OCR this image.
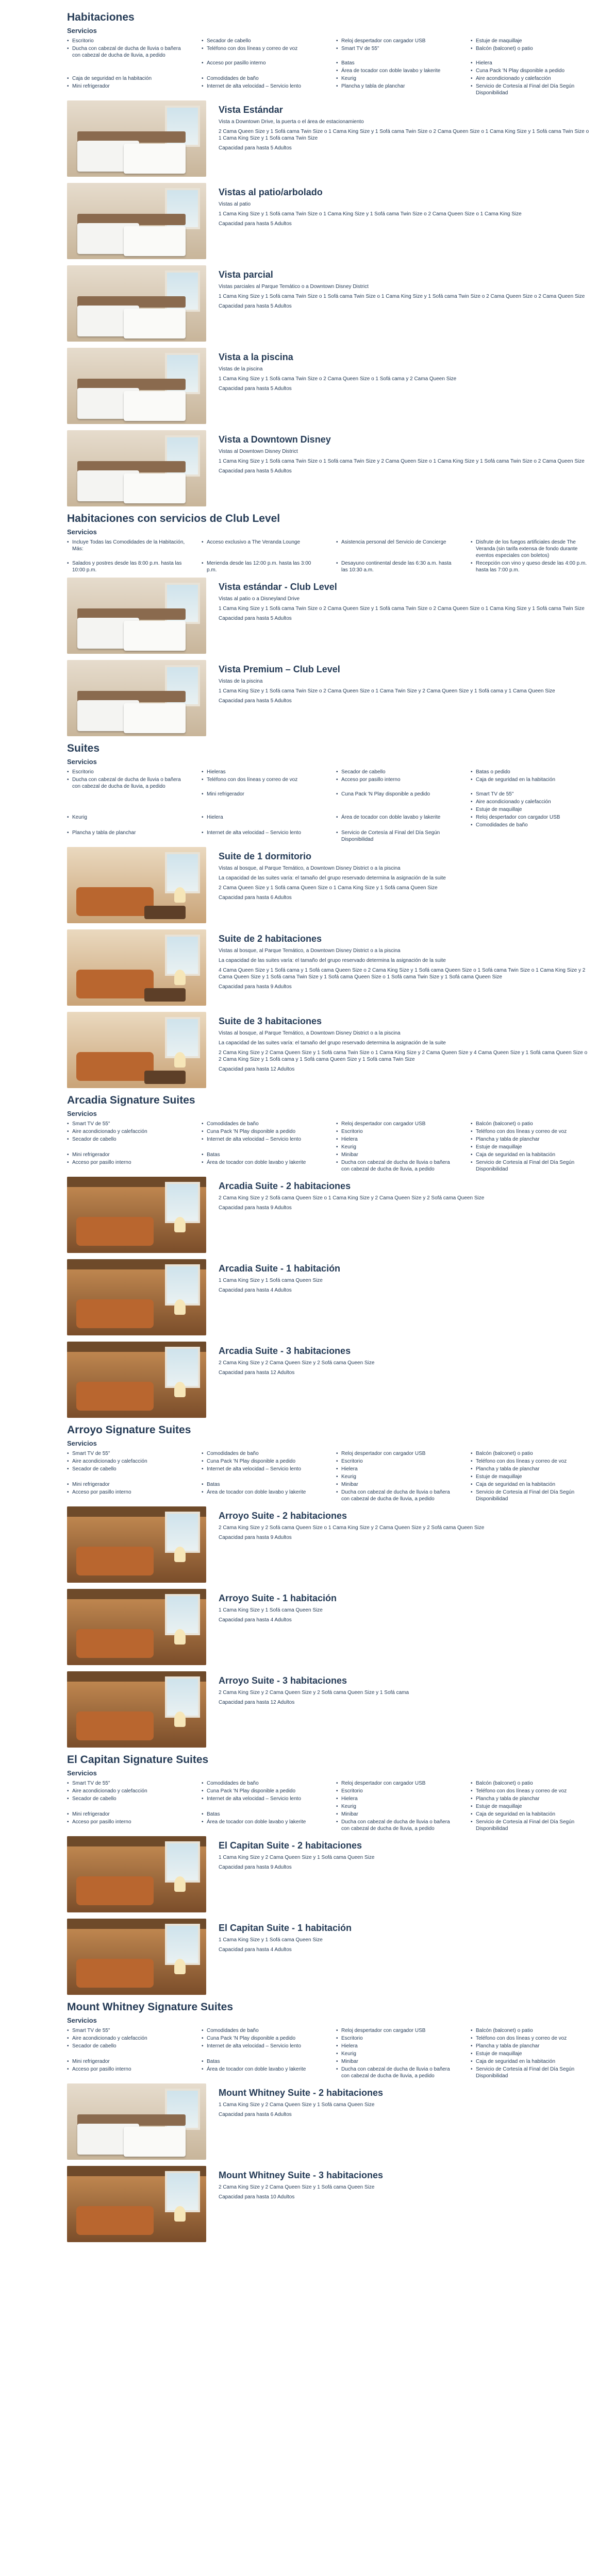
Habitaciones
Servicios
• Escritorio	• Secador de cabello	• Reloj despertador con cargador USB	• Estuje de maquillaje
• Ducha con cabezal de ducha de lluvia o bañera con cabezal de ducha de lluvia, a pedido
• Teléfono con dos líneas y correo de voz	• Smart TV de 55"	• Balcón (balconet) o patio
• Acceso por pasillo interno	• Batas	• Hielera
• Área de tocador con doble lavabo y lakerite	• Cuna Pack 'N Play disponible a pedido
• Caja de seguridad en la habitación	• Comodidades de baño	• Keurig	• Aire acondicionado y calefacción
• Mini refrigerador	• Internet de alta velocidad – Servicio lento	• Plancha y tabla de planchar	• Servicio de Cortesía al Final del Día Según Disponibilidad
Vista Estándar

Vista a Downtown Drive, la puerta o el área de estacionamiento

2 Cama Queen Size y 1 Sofá cama Twin Size o 1 Cama King Size y 1 Sofá cama Twin Size o 2 Cama Queen Size o 1 Cama King Size y 1 Sofá cama Twin Size o 1 Cama King Size y 1 Sofá cama Twin Size

Capacidad para hasta 5 Adultos

Vistas al patio/arbolado

Vistas al patio

1 Cama King Size y 1 Sofá cama Twin Size o 1 Cama King Size y 1 Sofá cama Twin Size o 2 Cama Queen Size o 1 Cama King Size

Capacidad para hasta 5 Adultos

Vista parcial

Vistas parciales al Parque Temático o a Downtown Disney District

1 Cama King Size y 1 Sofá cama Twin Size o 1 Sofá cama Twin Size o 1 Cama King Size y 1 Sofá cama Twin Size o 2 Cama Queen Size o 2 Cama Queen Size

Capacidad para hasta 5 Adultos

Vista a la piscina

Vistas de la piscina

1 Cama King Size y 1 Sofá cama Twin Size o 2 Cama Queen Size o 1 Sofá cama y 2 Cama Queen Size

Capacidad para hasta 5 Adultos

Vista a Downtown Disney

Vistas al Downtown Disney District

1 Cama King Size y 1 Sofá cama Twin Size o 1 Sofá cama Twin Size y 2 Cama Queen Size o 1 Cama King Size y 1 Sofá cama Twin Size o 2 Cama Queen Size

Capacidad para hasta 5 Adultos

Habitaciones con servicios de Club Level
Servicios
• Incluye Todas las Comodidades de la Habitación, Más:
• Acceso exclusivo a The Veranda Lounge	• Asistencia personal del Servicio de Concierge	• Disfrute de los fuegos artificiales desde The Veranda (sin tarifa extensa de fondo durante eventos especiales con boletos)
• Salados y postres desde las 8:00 p.m. hasta las 10:00 p.m.
• Merienda desde las 12:00 p.m. hasta las 3:00 p.m.
• Desayuno continental desde las 6:30 a.m. hasta las 10:30 a.m.
• Recepción con vino y queso desde las 4:00 p.m. hasta las 7:00 p.m.
Vista estándar - Club Level

Vistas al patio o a Disneyland Drive

1 Cama King Size y 1 Sofá cama Twin Size o 2 Cama Queen Size y 1 Sofá cama Twin Size o 2 Cama Queen Size o 1 Cama King Size y 1 Sofá cama Twin Size

Capacidad para hasta 5 Adultos

Vista Premium – Club Level

Vistas de la piscina

1 Cama King Size y 1 Sofá cama Twin Size o 2 Cama Queen Size o 1 Cama Twin Size y 2 Cama Queen Size y 1 Sofá cama y 1 Cama Queen Size

Capacidad para hasta 5 Adultos

Suites
Servicios
• Escritorio	• Hieleras	• Secador de cabello	• Batas o pedido
• Ducha con cabezal de ducha de lluvia o bañera con cabezal de ducha de lluvia, a pedido
• Teléfono con dos líneas y correo de voz	• Acceso por pasillo interno	• Caja de seguridad en la habitación
• Mini refrigerador	• Cuna Pack 'N Play disponible a pedido	• Smart TV de 55"
• Aire acondicionado y calefacción
• Estuje de maquillaje
• Keurig	• Hielera	• Área de tocador con doble lavabo y lakerite	• Reloj despertador con cargador USB
• Comodidades de baño
• Plancha y tabla de planchar	• Internet de alta velocidad – Servicio lento	• Servicio de Cortesía al Final del Día Según Disponibilidad
Suite de 1 dormitorio

Vistas al bosque, al Parque Temático, a Downtown Disney District o a la piscina

La capacidad de las suites varía: el tamaño del grupo reservado determina la asignación de la suite

2 Cama Queen Size y 1 Sofá cama Queen Size o 1 Cama King Size y 1 Sofá cama Queen Size

Capacidad para hasta 6 Adultos

Suite de 2 habitaciones

Vistas al bosque, al Parque Temático, a Downtown Disney District o a la piscina

La capacidad de las suites varía: el tamaño del grupo reservado determina la asignación de la suite

4 Cama Queen Size y 1 Sofá cama y 1 Sofá cama Queen Size o 2 Cama King Size y 1 Sofá cama Queen Size o 1 Sofá cama Twin Size o 1 Cama King Size y 2 Cama Queen Size y 1 Sofá cama Twin Size y 1 Sofá cama Queen Size o 1 Sofá cama Twin Size y 1 Sofá cama Queen Size

Capacidad para hasta 9 Adultos

Suite de 3 habitaciones

Vistas al bosque, al Parque Temático, a Downtown Disney District o a la piscina

La capacidad de las suites varía: el tamaño del grupo reservado determina la asignación de la suite

2 Cama King Size y 2 Cama Queen Size y 1 Sofá cama Twin Size o 1 Cama King Size y 2 Cama Queen Size y 4 Cama Queen Size y 1 Sofá cama Queen Size o 2 Cama King Size y 1 Sofá cama y 1 Sofá cama Queen Size y 1 Sofá cama Twin Size

Capacidad para hasta 12 Adultos

Arcadia Signature Suites
Servicios
• Smart TV de 55"	• Comodidades de baño	• Reloj despertador con cargador USB	• Balcón (balconet) o patio
• Aire acondicionado y calefacción	• Cuna Pack 'N Play disponible a pedido	• Escritorio	• Teléfono con dos líneas y correo de voz
• Secador de cabello	• Internet de alta velocidad – Servicio lento	• Hielera	• Plancha y tabla de planchar
• Keurig	• Estuje de maquillaje
• Mini refrigerador	• Batas	• Minibar	• Caja de seguridad en la habitación
• Acceso por pasillo interno	• Área de tocador con doble lavabo y lakerite	• Ducha con cabezal de ducha de lluvia o bañera con cabezal de ducha de lluvia, a pedido
• Servicio de Cortesía al Final del Día Según Disponibilidad
Arcadia Suite - 2 habitaciones

2 Cama King Size y 2 Sofá cama Queen Size o 1 Cama King Size y 2 Cama Queen Size y 2 Sofá cama Queen Size

Capacidad para hasta 9 Adultos

Arcadia Suite - 1 habitación

1 Cama King Size y 1 Sofá cama Queen Size

Capacidad para hasta 4 Adultos

Arcadia Suite - 3 habitaciones

2 Cama King Size y 2 Cama Queen Size y 2 Sofá cama Queen Size

Capacidad para hasta 12 Adultos

Arroyo Signature Suites
Servicios
• Smart TV de 55"	• Comodidades de baño	• Reloj despertador con cargador USB	• Balcón (balconet) o patio
• Aire acondicionado y calefacción	• Cuna Pack 'N Play disponible a pedido	• Escritorio	• Teléfono con dos líneas y correo de voz
• Secador de cabello	• Internet de alta velocidad – Servicio lento	• Hielera	• Plancha y tabla de planchar
• Keurig	• Estuje de maquillaje
• Mini refrigerador	• Batas	• Minibar	• Caja de seguridad en la habitación
• Acceso por pasillo interno	• Área de tocador con doble lavabo y lakerite	• Ducha con cabezal de ducha de lluvia o bañera con cabezal de ducha de lluvia, a pedido
• Servicio de Cortesía al Final del Día Según Disponibilidad
Arroyo Suite - 2 habitaciones

2 Cama King Size y 2 Sofá cama Queen Size o 1 Cama King Size y 2 Cama Queen Size y 2 Sofá cama Queen Size

Capacidad para hasta 9 Adultos

Arroyo Suite - 1 habitación

1 Cama King Size y 1 Sofá cama Queen Size

Capacidad para hasta 4 Adultos

Arroyo Suite - 3 habitaciones

2 Cama King Size y 2 Cama Queen Size y 2 Sofá cama Queen Size y 1 Sofá cama

Capacidad para hasta 12 Adultos

El Capitan Signature Suites
Servicios
• Smart TV de 55"	• Comodidades de baño	• Reloj despertador con cargador USB	• Balcón (balconet) o patio
• Aire acondicionado y calefacción	• Cuna Pack 'N Play disponible a pedido	• Escritorio	• Teléfono con dos líneas y correo de voz
• Secador de cabello	• Internet de alta velocidad – Servicio lento	• Hielera	• Plancha y tabla de planchar
• Keurig	• Estuje de maquillaje
• Mini refrigerador	• Batas	• Minibar	• Caja de seguridad en la habitación
• Acceso por pasillo interno	• Área de tocador con doble lavabo y lakerite	• Ducha con cabezal de ducha de lluvia o bañera con cabezal de ducha de lluvia, a pedido
• Servicio de Cortesía al Final del Día Según Disponibilidad
El Capitan Suite - 2 habitaciones

1 Cama King Size y 2 Cama Queen Size y 1 Sofá cama Queen Size

Capacidad para hasta 9 Adultos

El Capitan Suite - 1 habitación

1 Cama King Size y 1 Sofá cama Queen Size

Capacidad para hasta 4 Adultos

Mount Whitney Signature Suites
Servicios
• Smart TV de 55"	• Comodidades de baño	• Reloj despertador con cargador USB	• Balcón (balconet) o patio
• Aire acondicionado y calefacción	• Cuna Pack 'N Play disponible a pedido	• Escritorio	• Teléfono con dos líneas y correo de voz
• Secador de cabello	• Internet de alta velocidad – Servicio lento	• Hielera	• Plancha y tabla de planchar
• Keurig	• Estuje de maquillaje
• Mini refrigerador	• Batas	• Minibar	• Caja de seguridad en la habitación
• Acceso por pasillo interno	• Área de tocador con doble lavabo y lakerite	• Ducha con cabezal de ducha de lluvia o bañera con cabezal de ducha de lluvia, a pedido
• Servicio de Cortesía al Final del Día Según Disponibilidad
Mount Whitney Suite - 2 habitaciones

1 Cama King Size y 2 Cama Queen Size y 1 Sofá cama Queen Size

Capacidad para hasta 6 Adultos

Mount Whitney Suite - 3 habitaciones

2 Cama King Size y 2 Cama Queen Size y 1 Sofá cama Queen Size

Capacidad para hasta 10 Adultos
